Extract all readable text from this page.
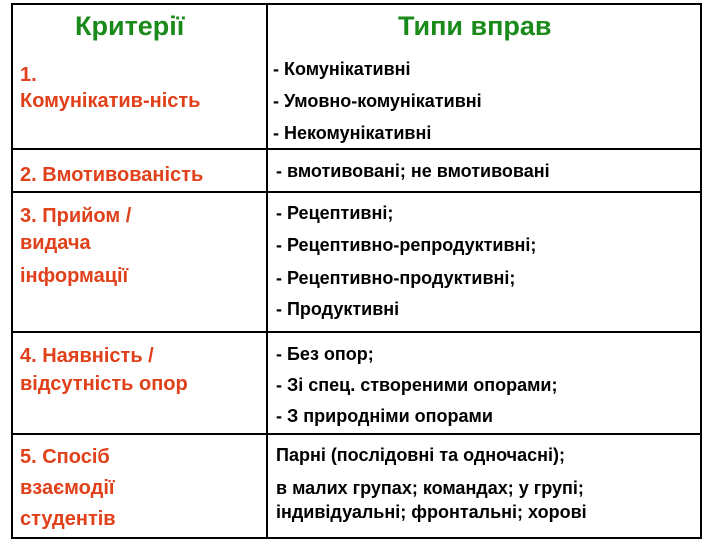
Критерії	Типи вправ
1.
Комунікатив-ність
- Комунікативні
- Умовно-комунікативні
- Некомунікативні
2. Вмотивованість	- вмотивовані; не вмотивовані
3. Прийом /
видача
інформації
- Рецептивні;
- Рецептивно-репродуктивні;
- Рецептивно-продуктивні;
- Продуктивні
4. Наявність /
відсутність опор
- Без опор;
- Зі спец. створеними опорами;
- З природніми опорами
5. Спосіб
взаємодії
студентів
Парні (послідовні та одночасні);
в малих групах; командах; у групі;
індивідуальні; фронтальні; хорові
